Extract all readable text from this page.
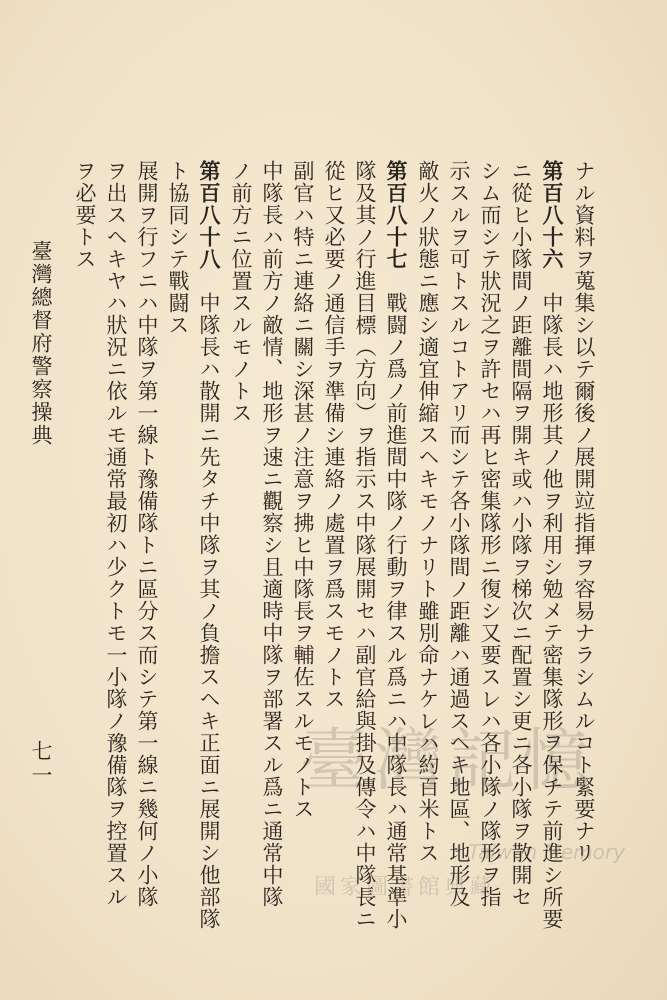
ナル資料ヲ蒐集シ以テ爾後ノ展開竝指揮ヲ容易ナラシムルコト緊要ナリ
第百八十六　中隊長ハ地形其ノ他ヲ利用シ勉メテ密集隊形ヲ保チテ前進シ所要
ニ從ヒ小隊間ノ距離間隔ヲ開キ或ハ小隊ヲ梯次ニ配置シ更ニ各小隊ヲ散開セ
シム而シテ狀況之ヲ許セハ再ヒ密集隊形ニ復シ又要スレハ各小隊ノ隊形ヲ指
示スルヲ可トスルコトアリ而シテ各小隊間ノ距離ハ通過スヘキ地區、地形及
敵火ノ狀態ニ應シ適宜伸縮スヘキモノナリト雖別命ナケレハ約百米トス
第百八十七　戰闘ノ爲ノ前進間中隊ノ行動ヲ律スル爲ニハ中隊長ハ通常基準小
隊及其ノ行進目標（方向）ヲ指示ス中隊展開セハ副官給與掛及傳令ハ中隊長ニ
從ヒ又必要ノ通信手ヲ準備シ連絡ノ處置ヲ爲スモノトス
副官ハ特ニ連絡ニ關シ深甚ノ注意ヲ拂ヒ中隊長ヲ輔佐スルモノトス
中隊長ハ前方ノ敵情、地形ヲ速ニ觀察シ且適時中隊ヲ部署スル爲ニ通常中隊
ノ前方ニ位置スルモノトス
第百八十八　中隊長ハ散開ニ先タチ中隊ヲ其ノ負擔スヘキ正面ニ展開シ他部隊
ト協同シテ戰闘ス
展開ヲ行フニハ中隊ヲ第一線ト豫備隊トニ區分ス而シテ第一線ニ幾何ノ小隊
ヲ出スヘキヤハ狀況ニ依ルモ通常最初ハ少クトモ一小隊ノ豫備隊ヲ控置スル
ヲ必要トス
臺灣總督府警察操典
七一	臺灣記憶
Taiwan Memory
國家圖書館典藏
